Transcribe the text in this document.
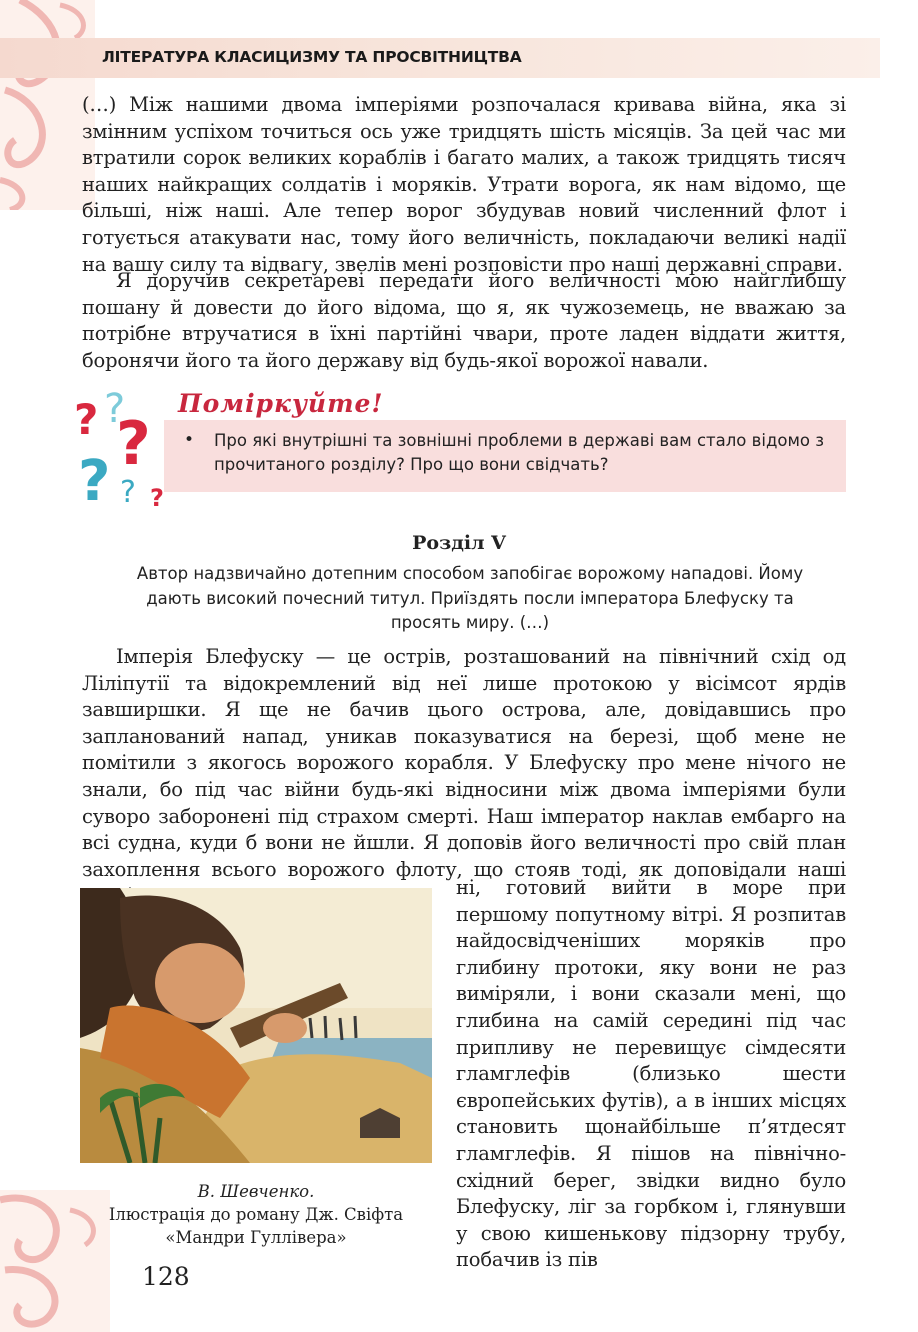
ЛІТЕРАТУРА КЛАСИЦИЗМУ ТА ПРОСВІТНИЦТВА
(…) Між нашими двома імперіями розпочалася кривава війна, яка зі змінним успіхом точиться ось уже тридцять шість місяців. За цей час ми втратили сорок великих кораблів і багато малих, а також тридцять тисяч наших найкращих солдатів і моряків. Утрати ворога, як нам відомо, ще більші, ніж наші. Але тепер ворог збудував новий численний флот і готується атакувати нас, тому його величність, покладаючи великі надії на вашу силу та відвагу, звелів мені розповісти про наші державні справи.
Я доручив секретареві передати його величності мою найглибшу пошану й довести до його відома, що я, як чужоземець, не вважаю за потрібне втручатися в їхні партійні чвари, проте ладен віддати життя, боронячи його та його державу від будь-якої ворожої навали.
? ?
?
? ? ?
Поміркуйте!
• Про які внутрішні та зовнішні проблеми в державі вам стало відомо з прочитаного розділу? Про що вони свідчать?
Розділ V
Автор надзвичайно дотепним способом запобігає ворожому нападові. Йому дають високий почесний титул. Приїздять посли імператора Блефуску та просять миру. (…)
Імперія Блефуску — це острів, розташований на північний схід од Ліліпутії та відокремлений від неї лише протокою у вісімсот ярдів завширшки. Я ще не бачив цього острова, але, довідавшись про запланований напад, уникав показуватися на березі, щоб мене не помітили з якогось ворожого корабля. У Блефуску про мене нічого не знали, бо під час війни будь-які відносини між двома імперіями були суворо заборонені під страхом смерті. Наш імператор наклав ембарго на всі судна, куди б вони не йшли. Я доповів його величності про свій план захоплення всього ворожого флоту, що стояв тоді, як доповідали наші
В. Шевченко.
Ілюстрація до роману Дж. Свіфта «Мандри Гуллівера»
ні, готовий вийти в море при першому попутному вітрі. Я розпитав найдосвідченіших моряків про глибину протоки, яку вони не раз виміряли, і вони сказали мені, що глибина на самій середині під час припливу не перевищує сімдесяти гламглефів (близько шести європейських футів), а в інших місцях становить щонайбільше п’ятдесят гламглефів. Я пішов на північно-східний берег, звідки видно було Блефуску, ліг за горбком і, глянувши у свою кишенькову підзорну трубу, побачив із пів
128
